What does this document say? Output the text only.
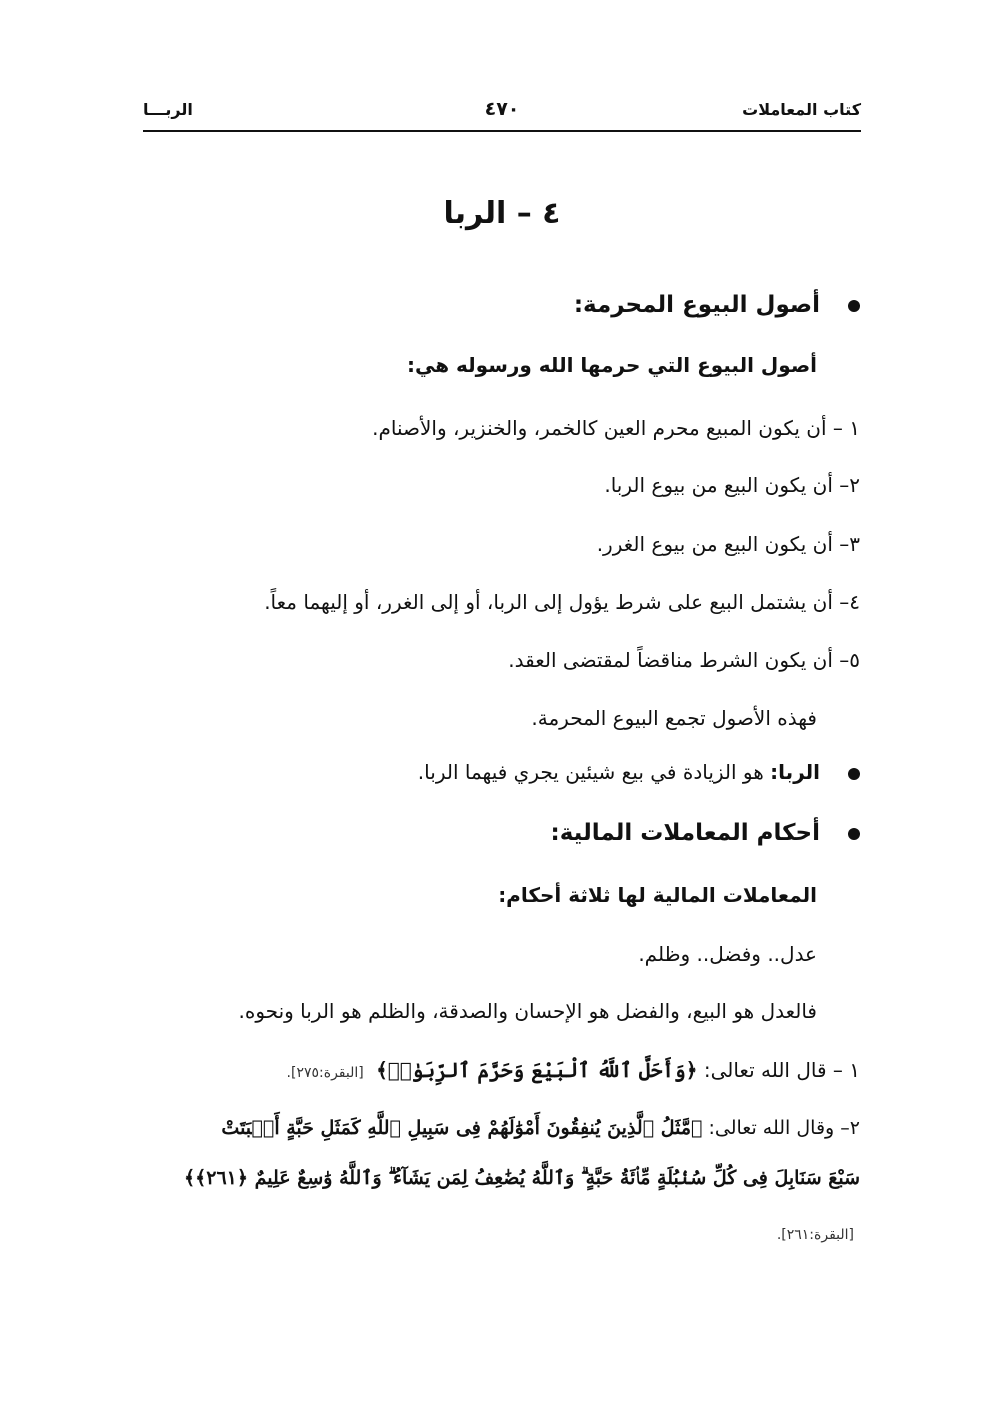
كتاب المعاملات
٤٧٠
الربـــا
٤ – الربا
أصول البيوع المحرمة:
أصول البيوع التي حرمها الله ورسوله هي:
١ – أن يكون المبيع محرم العين كالخمر، والخنزير، والأصنام.
٢– أن يكون البيع من بيوع الربا.
٣– أن يكون البيع من بيوع الغرر.
٤– أن يشتمل البيع على شرط يؤول إلى الربا، أو إلى الغرر، أو إليهما معاً.
٥– أن يكون الشرط مناقضاً لمقتضى العقد.
فهذه الأصول تجمع البيوع المحرمة.
الربا: هو الزيادة في بيع شيئين يجري فيهما الربا.
أحكام المعاملات المالية:
المعاملات المالية لها ثلاثة أحكام:
عدل.. وفضل.. وظلم.
فالعدل هو البيع، والفضل هو الإحسان والصدقة، والظلم هو الربا ونحوه.
١ – قال الله تعالى: ﴿وَأَحَلَّ ٱللَّهُ ٱلْبَيْعَ وَحَرَّمَ ٱلرِّبَوٰا۟﴾ [البقرة:٢٧٥].
٢– وقال الله تعالى: ﴿مَّثَلُ ٱلَّذِينَ يُنفِقُونَ أَمْوَٰلَهُمْ فِى سَبِيلِ ٱللَّهِ كَمَثَلِ حَبَّةٍ أَنۢبَتَتْ
سَبْعَ سَنَابِلَ فِى كُلِّ سُنۢبُلَةٍ مِّا۟ئَةُ حَبَّةٍ ۗ وَٱللَّهُ يُضَٰعِفُ لِمَن يَشَآءُ ۗ وَٱللَّهُ وَٰسِعٌ عَلِيمٌ ﴿٢٦١﴾﴾
[البقرة:٢٦١].
